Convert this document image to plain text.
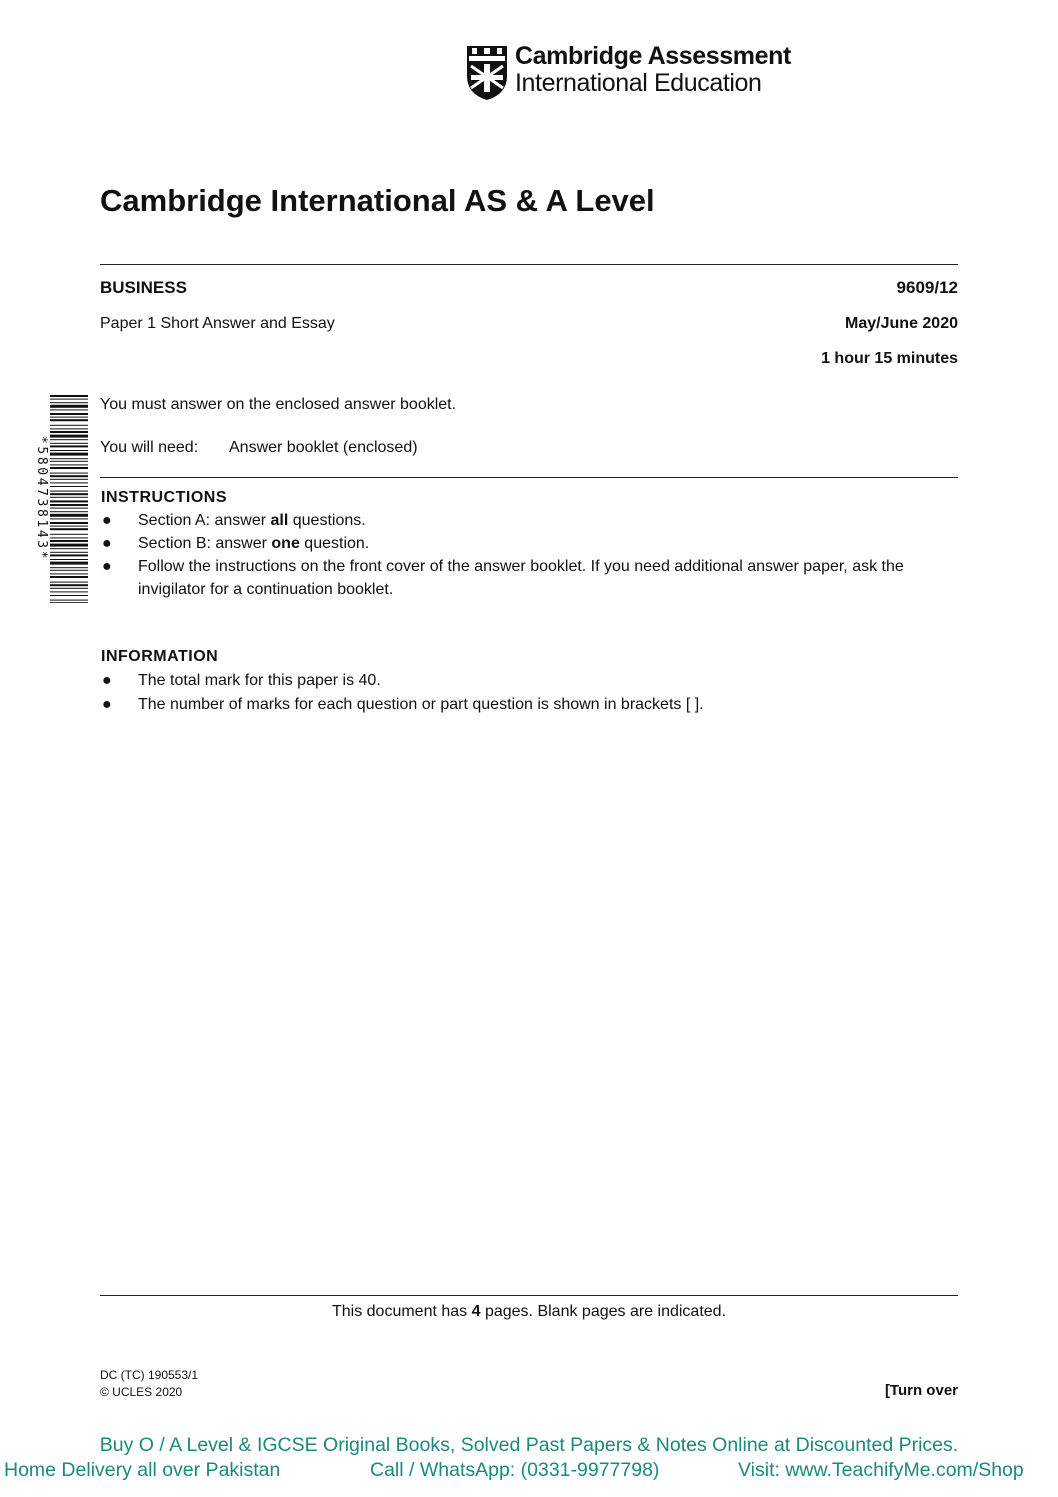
Cambridge Assessment
International Education
Cambridge International AS & A Level
BUSINESS	9609/12
Paper 1 Short Answer and Essay	May/June 2020
1 hour 15 minutes
*5804738143*
You must answer on the enclosed answer booklet.
You will need: Answer booklet (enclosed)
INSTRUCTIONS
● Section A: answer all questions.
● Section B: answer one question.
● Follow the instructions on the front cover of the answer booklet. If you need additional answer paper, ask the invigilator for a continuation booklet.
INFORMATION
● The total mark for this paper is 40.
● The number of marks for each question or part question is shown in brackets [ ].
This document has 4 pages. Blank pages are indicated.
DC (TC) 190553/1
© UCLES 2020	[Turn over
Buy O / A Level & IGCSE Original Books, Solved Past Papers & Notes Online at Discounted Prices.
Home Delivery all over Pakistan	Call / WhatsApp: (0331-9977798)	Visit: www.TeachifyMe.com/Shop
